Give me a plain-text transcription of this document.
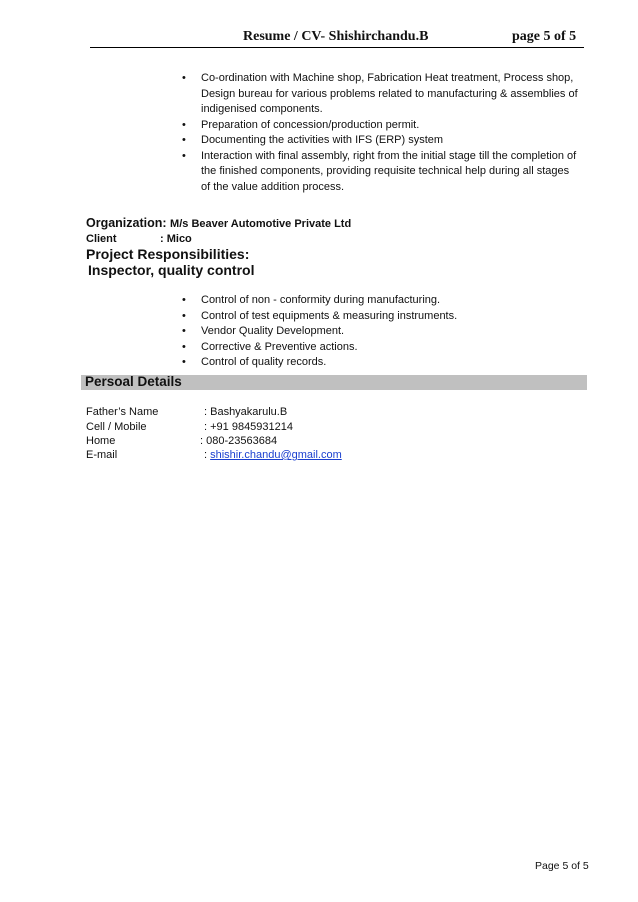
Resume / CV- Shishirchandu.B	page 5 of 5
• Co-ordination with Machine shop, Fabrication Heat treatment, Process shop, Design bureau for various problems related to manufacturing & assemblies of indigenised components.
• Preparation of concession/production permit.
• Documenting the activities with IFS (ERP) system
• Interaction with final assembly, right from the initial stage till the completion of the finished components, providing requisite technical help during all stages of the value addition process.
Organization: M/s Beaver Automotive Private Ltd
Client	: Mico
Project Responsibilities:
Inspector, quality control
• Control of non - conformity during manufacturing.
• Control of test equipments & measuring instruments.
• Vendor Quality Development.
• Corrective & Preventive actions.
• Control of quality records.
Persoal Details
Father’s Name	: Bashyakarulu.B
Cell / Mobile	: +91 9845931214
Home	: 080-23563684
E-mail	: shishir.chandu@gmail.com
Page 5 of 5
